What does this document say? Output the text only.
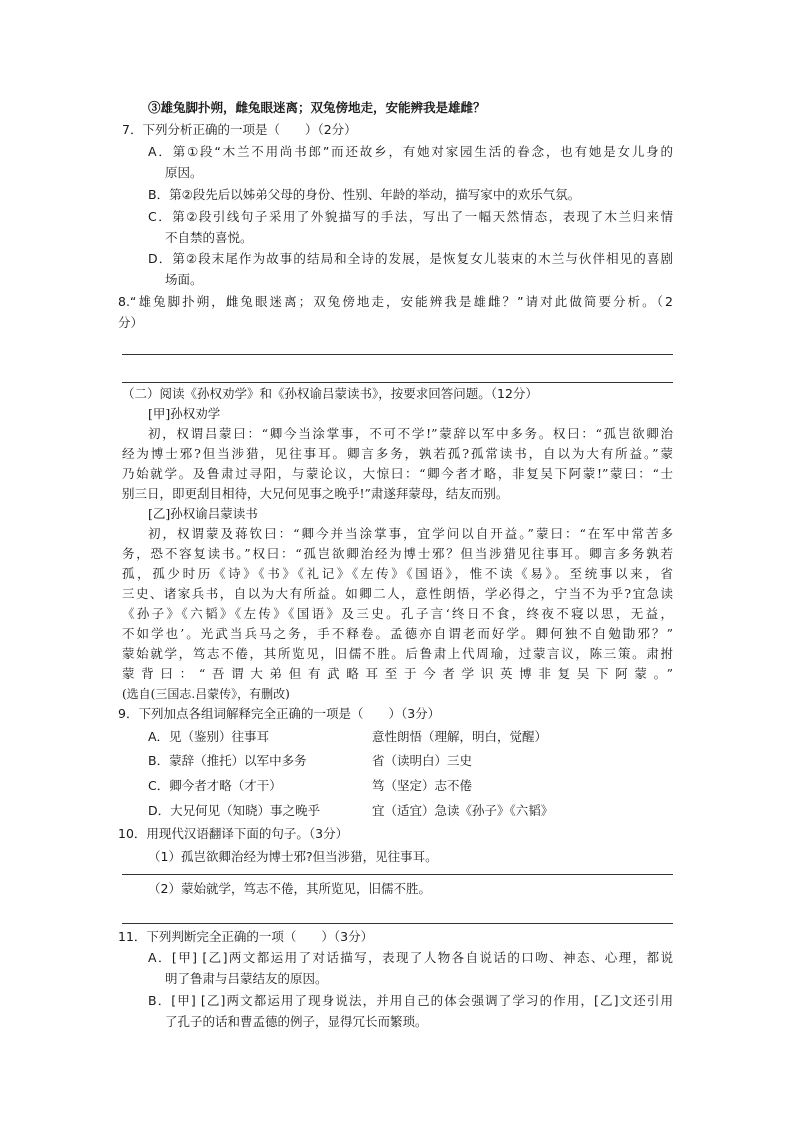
③雄兔脚扑朔，雌兔眼迷离；双兔傍地走，安能辨我是雄雌？
7．下列分析正确的一项是（　　）（2分）
A．第①段“木兰不用尚书郎”而还故乡，有她对家园生活的眷念，也有她是女儿身的
原因。
B．第②段先后以姊弟父母的身份、性别、年龄的举动，描写家中的欢乐气氛。
C．第②段引线句子采用了外貌描写的手法，写出了一幅天然情态，表现了木兰归来情
不自禁的喜悦。
D．第②段末尾作为故事的结局和全诗的发展，是恢复女儿装束的木兰与伙伴相见的喜剧
场面。
8.“雄兔脚扑朔，雌兔眼迷离；双兔傍地走，安能辨我是雄雌？”请对此做简要分析。（2
分）
（二）阅读《孙权劝学》和《孙权谕吕蒙读书》，按要求回答问题。（12分）
[甲]孙权劝学
初，权谓吕蒙曰：“卿今当涂掌事，不可不学!”蒙辞以军中多务。权曰：“孤岂欲卿治
经为博士邪?但当涉猎，见往事耳。卿言多务，孰若孤?孤常读书，自以为大有所益。”蒙
乃始就学。及鲁肃过寻阳，与蒙论议，大惊曰：“卿今者才略，非复吴下阿蒙!”蒙曰：“士
别三日，即更刮目相待，大兄何见事之晚乎!”肃遂拜蒙母，结友而别。
[乙]孙权谕吕蒙读书
初，权谓蒙及蒋钦曰：“卿今并当涂掌事，宜学问以自开益。”蒙曰：“在军中常苦多
务，恐不容复读书。”权曰：“孤岂欲卿治经为博士邪？但当涉猎见往事耳。卿言多务孰若
孤，孤少时历《诗》《书》《礼记》《左传》《国语》，惟不读《易》。至统事以来，省
三史、诸家兵书，自以为大有所益。如卿二人，意性朗悟，学必得之，宁当不为乎?宜急读
《孙子》《六韬》《左传》《国语》及三史。孔子言‘终日不食，终夜不寝以思，无益，
不如学也’。光武当兵马之务，手不释卷。孟德亦自谓老而好学。卿何独不自勉勖邪？”
蒙始就学，笃志不倦，其所览见，旧儒不胜。后鲁肃上代周瑜，过蒙言议，陈三策。肃拊
蒙背曰：“吾谓大弟但有武略耳至于今者学识英博非复吴下阿蒙。”
(选自(三国志.吕蒙传》，有删改)
9．下列加点各组词解释完全正确的一项是（　　）（3分）
A．见（鉴别）往事耳	意性朗悟（理解，明白，觉醒）
B．蒙辞（推托）以军中多务	省（读明白）三史
C．卿今者才略（才干）	笃（坚定）志不倦
D．大兄何见（知晓）事之晚乎	宜（适宜）急读《孙子》《六韬》
10．用现代汉语翻译下面的句子。（3分）
（1）孤岂欲卿治经为博士邪?但当涉猎，见往事耳。
（2）蒙始就学，笃志不倦，其所览见，旧儒不胜。
11．下列判断完全正确的一项（　　）（3分）
A．[甲] [乙]两文都运用了对话描写，表现了人物各自说话的口吻、神态、心理，都说
明了鲁肃与吕蒙结友的原因。
B．[甲] [乙]两文都运用了现身说法，并用自己的体会强调了学习的作用，[乙]文还引用
了孔子的话和曹孟德的例子，显得冗长而繁琐。
